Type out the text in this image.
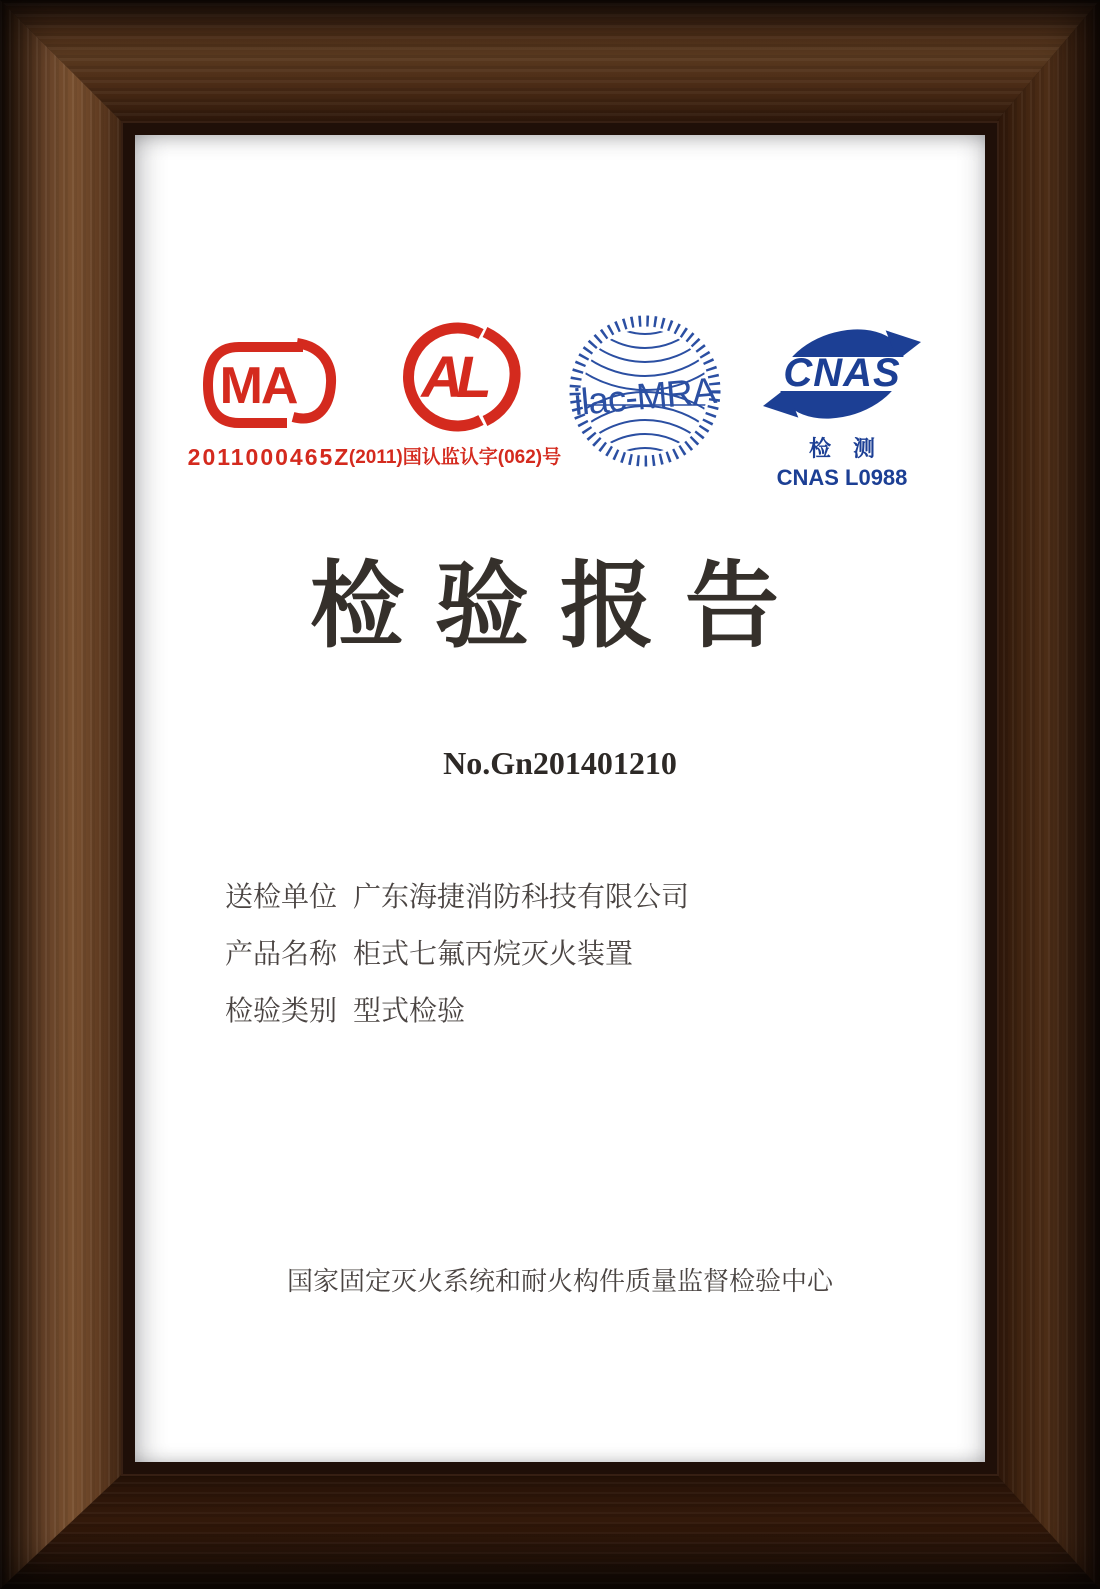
MA
2011000465Z
AL
(2011)国认监认字(062)号
ilac-MRA CNAS
检　测
CNAS L0988
检验报告
No.Gn201401210
送检单位 广东海捷消防科技有限公司
产品名称 柜式七氟丙烷灭火装置
检验类别 型式检验
国家固定灭火系统和耐火构件质量监督检验中心
